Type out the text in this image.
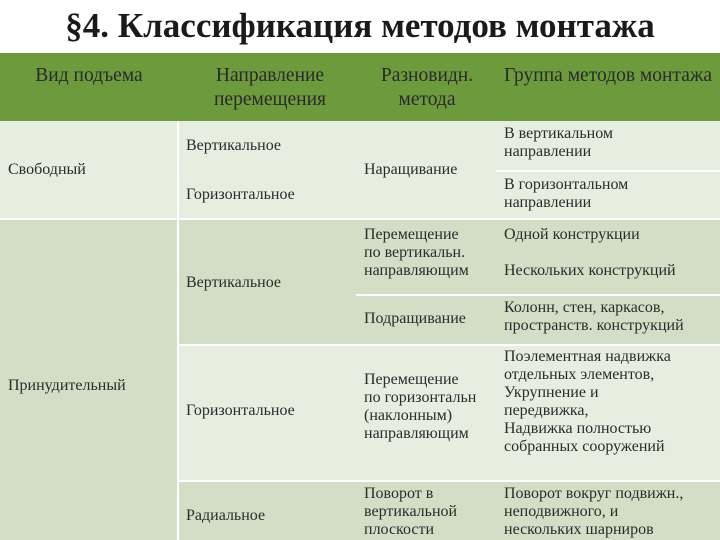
§4. Классификация методов монтажа
Вид подъема	Направление перемещения
Разновидн. метода
Группа методов монтажа
Свободный
Принудительный
Вертикальное
Горизонтальное
Вертикальное
Горизонтальное
Радиальное
Наращивание
Перемещение
по вертикальн.
направляющим
Подращивание
Перемещение
по горизонтальн
(наклонным)
направляющим
Поворот в
вертикальной
плоскости
В вертикальном
направлении
В горизонтальном
направлении
Одной конструкции
Нескольких конструкций
Колонн, стен, каркасов,
пространств. конструкций
Поэлементная надвижка
отдельных элементов,
Укрупнение и
передвижка,
Надвижка полностью
собранных сооружений
Поворот вокруг подвижн.,
неподвижного, и
нескольких шарниров
